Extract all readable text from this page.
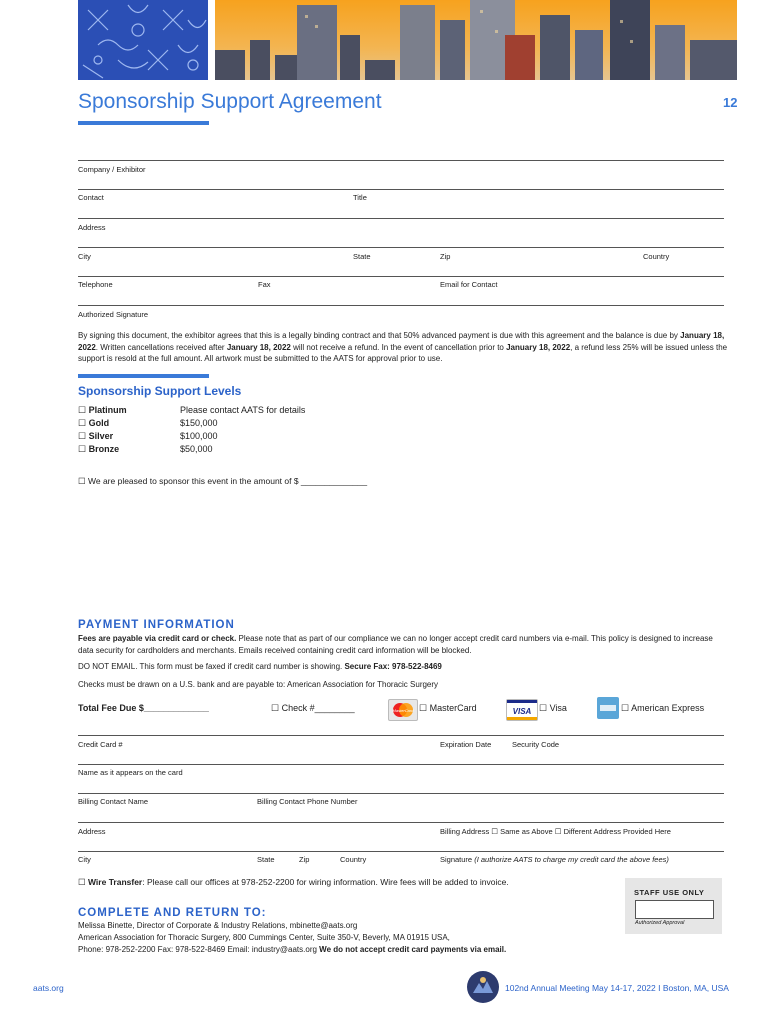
Sponsorship Support Agreement	12
Company / Exhibitor
Contact	Title
Address
City	State	Zip	Country
Telephone	Fax	Email for Contact
Authorized Signature
By signing this document, the exhibitor agrees that this is a legally binding contract and that 50% advanced payment is due with this agreement and the balance is due by January 18, 2022. Written cancellations received after January 18, 2022 will not receive a refund. In the event of cancellation prior to January 18, 2022, a refund less 25% will be issued unless the support is resold at the full amount. All artwork must be submitted to the AATS for approval prior to use.
Sponsorship Support Levels
☐ Platinum	Please contact AATS for details
☐ Gold	$150,000
☐ Silver	$100,000
☐ Bronze	$50,000
☐ We are pleased to sponsor this event in the amount of $ ______________
PAYMENT INFORMATION
Fees are payable via credit card or check. Please note that as part of our compliance we can no longer accept credit card numbers via e-mail. This policy is designed to increase data security for cardholders and merchants. Emails received containing credit card information will be blocked.
DO NOT EMAIL. This form must be faxed if credit card number is showing. Secure Fax: 978-522-8469
Checks must be drawn on a U.S. bank and are payable to: American Association for Thoracic Surgery
Total Fee Due $_____________	☐ Check #________	MasterCard ☐ MasterCard	VISA ☐ Visa	☐ American Express
Credit Card #	Expiration Date	Security Code
Name as it appears on the card
Billing Contact Name	Billing Contact Phone Number
Address	Billing Address ☐ Same as Above ☐ Different Address Provided Here
City	State	Zip	Country	Signature (I authorize AATS to charge my credit card the above fees)
☐ Wire Transfer: Please call our offices at 978-252-2200 for wiring information. Wire fees will be added to invoice.
COMPLETE AND RETURN TO:
Melissa Binette, Director of Corporate & Industry Relations, mbinette@aats.org
American Association for Thoracic Surgery, 800 Cummings Center, Suite 350-V, Beverly, MA 01915 USA,
Phone: 978-252-2200 Fax: 978-522-8469 Email: industry@aats.org We do not accept credit card payments via email.
STAFF USE ONLY
Authorized Approval
aats.org	102nd Annual Meeting May 14-17, 2022 I Boston, MA, USA
